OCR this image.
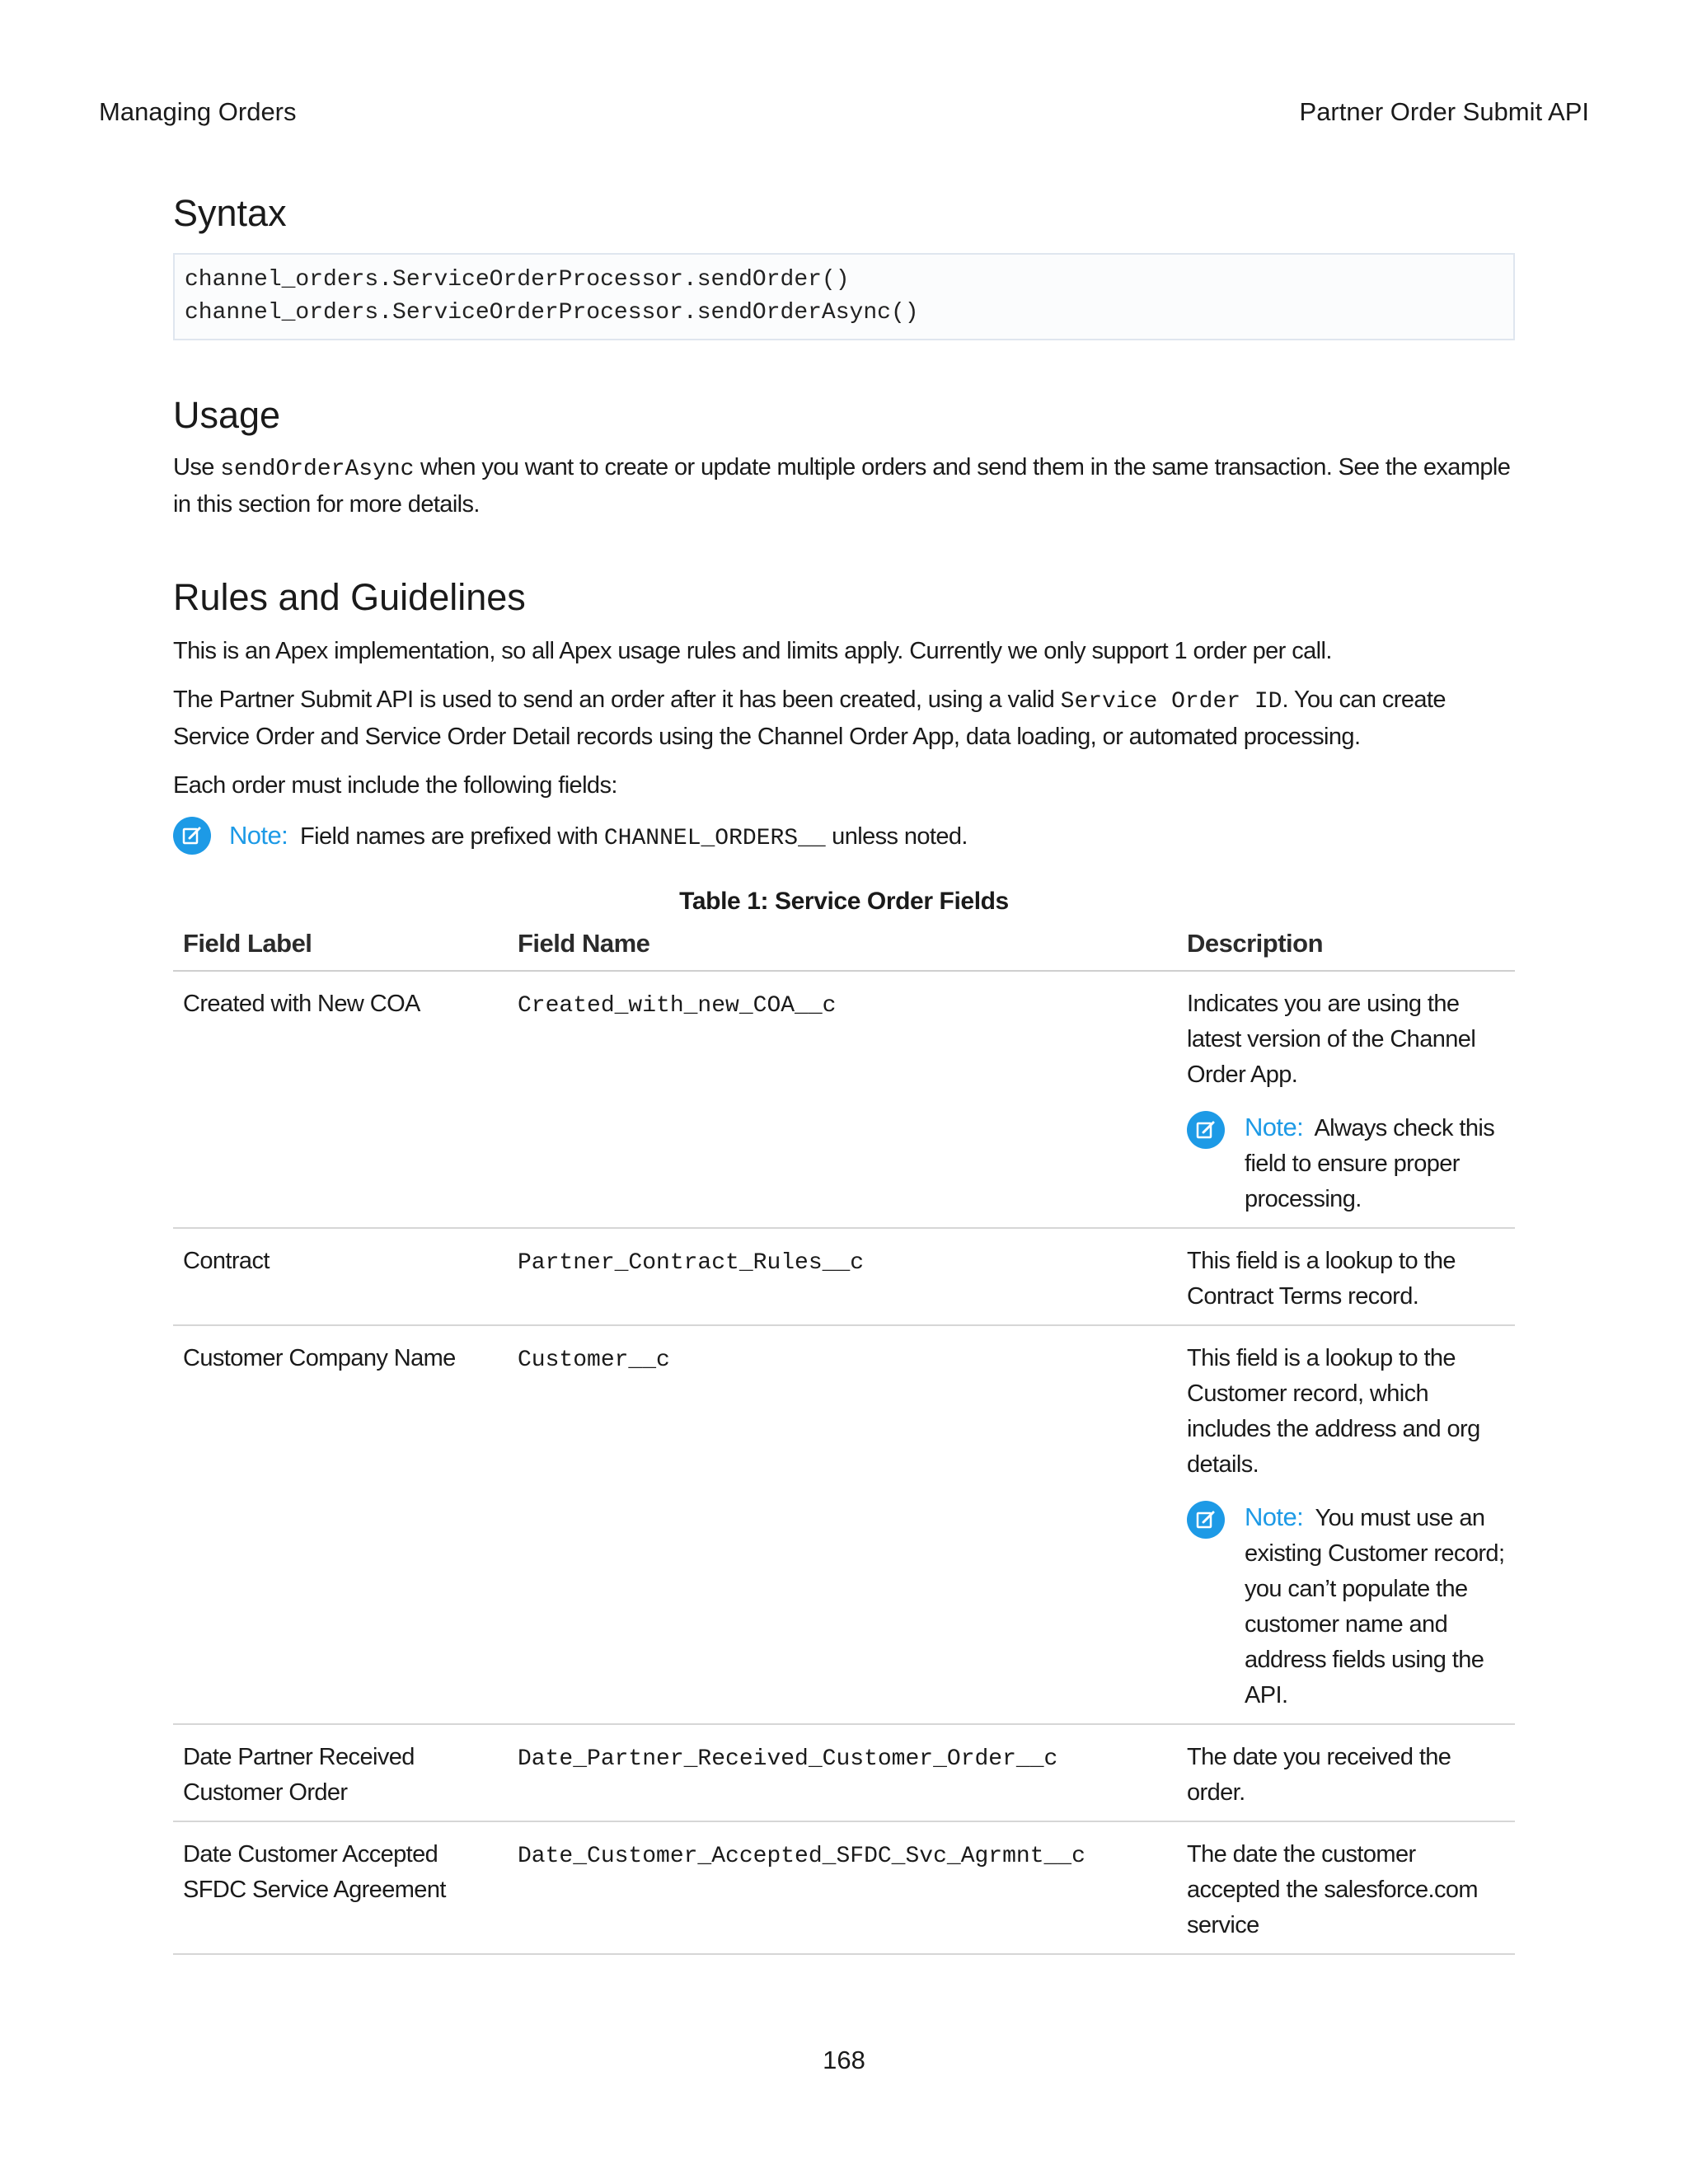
Managing Orders	Partner Order Submit API
Syntax
channel_orders.ServiceOrderProcessor.sendOrder()
channel_orders.ServiceOrderProcessor.sendOrderAsync()
Usage

Use sendOrderAsync when you want to create or update multiple orders and send them in the same transaction. See the example in this section for more details.

Rules and Guidelines

This is an Apex implementation, so all Apex usage rules and limits apply. Currently we only support 1 order per call.

The Partner Submit API is used to send an order after it has been created, using a valid Service Order ID. You can create Service Order and Service Order Detail records using the Channel Order App, data loading, or automated processing.

Each order must include the following fields:

Note: Field names are prefixed with CHANNEL_ORDERS__ unless noted.
Table 1: Service Order Fields
Field Label	Field Name	Description
Created with New COA	Created_with_new_COA__c	Indicates you are using the latest version of the Channel Order App.
Note: Always check this field to ensure proper processing.

Contract	Partner_Contract_Rules__c	This field is a lookup to the Contract Terms record.
Customer Company Name	Customer__c	This field is a lookup to the Customer record, which includes the address and org details.
Note: You must use an existing Customer record; you can’t populate the customer name and address fields using the API.

Date Partner Received Customer Order	Date_Partner_Received_Customer_Order__c	The date you received the order.
Date Customer Accepted SFDC Service Agreement	Date_Customer_Accepted_SFDC_Svc_Agrmnt__c	The date the customer accepted the salesforce.com service
168
